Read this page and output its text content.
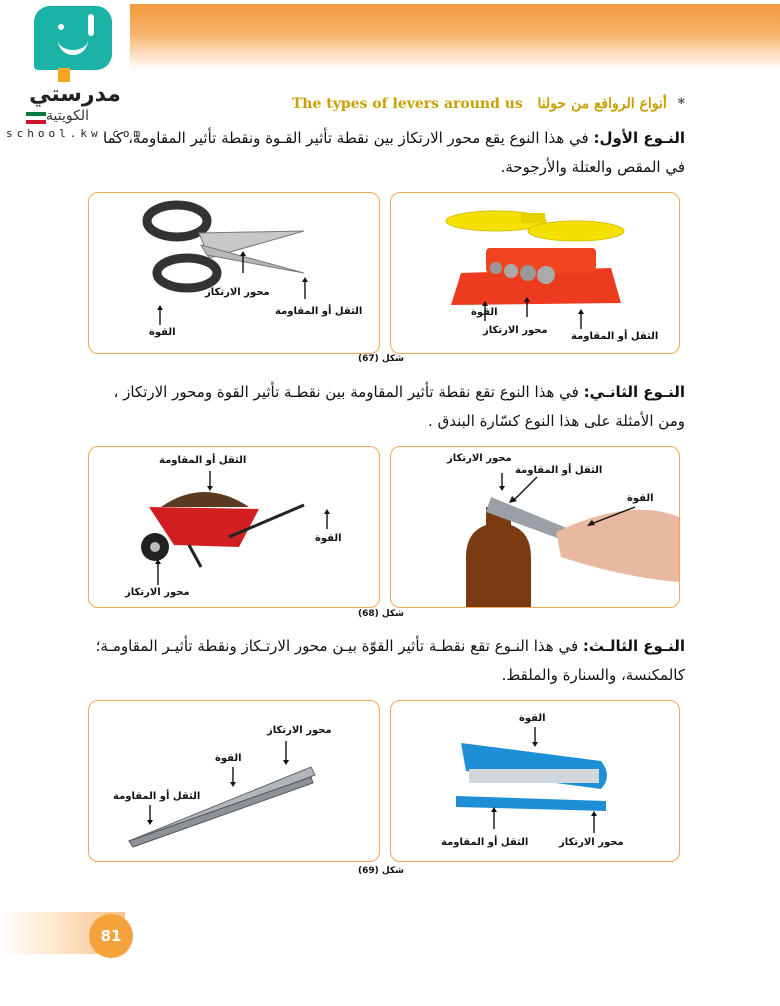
مدرستي
الكويتية
school.kw.com
* أنواع الروافع من حولنا   The types of levers around us
النـوع الأول: في هذا النوع يقع محور الارتكاز بين نقطة تأثير القـوة ونقطة تأثير المقاومة، كما في المقص والعتلة والأرجوحة.
القوة
محور الارتكاز
الثقل أو المقاومة
محور الارتكاز
الثقل أو المقاومة
القوة
شكل (67)
النـوع الثانـي: في هذا النوع تقع نقطة تأثير المقاومة بين نقطـة تأثير القوة ومحور الارتكاز ، ومن الأمثلة على هذا النوع كسّارة البندق .
محور الارتكاز
الثقل أو المقاومة
القوة
الثقل أو المقاومة
القوة
محور الارتكاز
شكل (68)
النـوع الثالـث: في هذا النـوع تقع نقطـة تأثير القوّة بيـن محور الارتـكاز ونقطة تأثيـر المقاومـة؛ كالمكنسة، والسنارة والملقط.
القوة
الثقل أو المقاومة	محور الارتكاز
محور الارتكاز
القوة
الثقل أو المقاومة
شكل (69)
81
